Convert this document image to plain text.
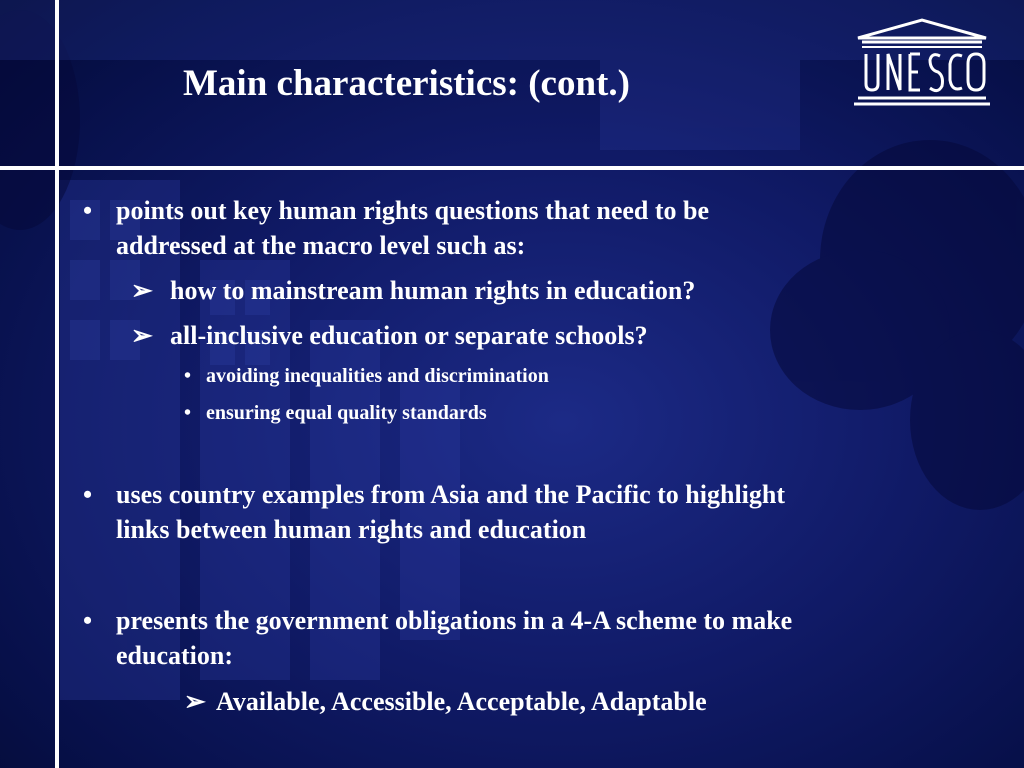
Main characteristics: (cont.)
• points out key human rights questions that need to be
addressed at the macro level such as:
➢ how to mainstream human rights in education?
➢ all-inclusive education or separate schools?
• avoiding inequalities and discrimination
• ensuring equal quality standards
• uses country examples from Asia and the Pacific to highlight
links between human rights and education
• presents the government obligations in a 4-A scheme to make
education:
➢ Available, Accessible, Acceptable, Adaptable
